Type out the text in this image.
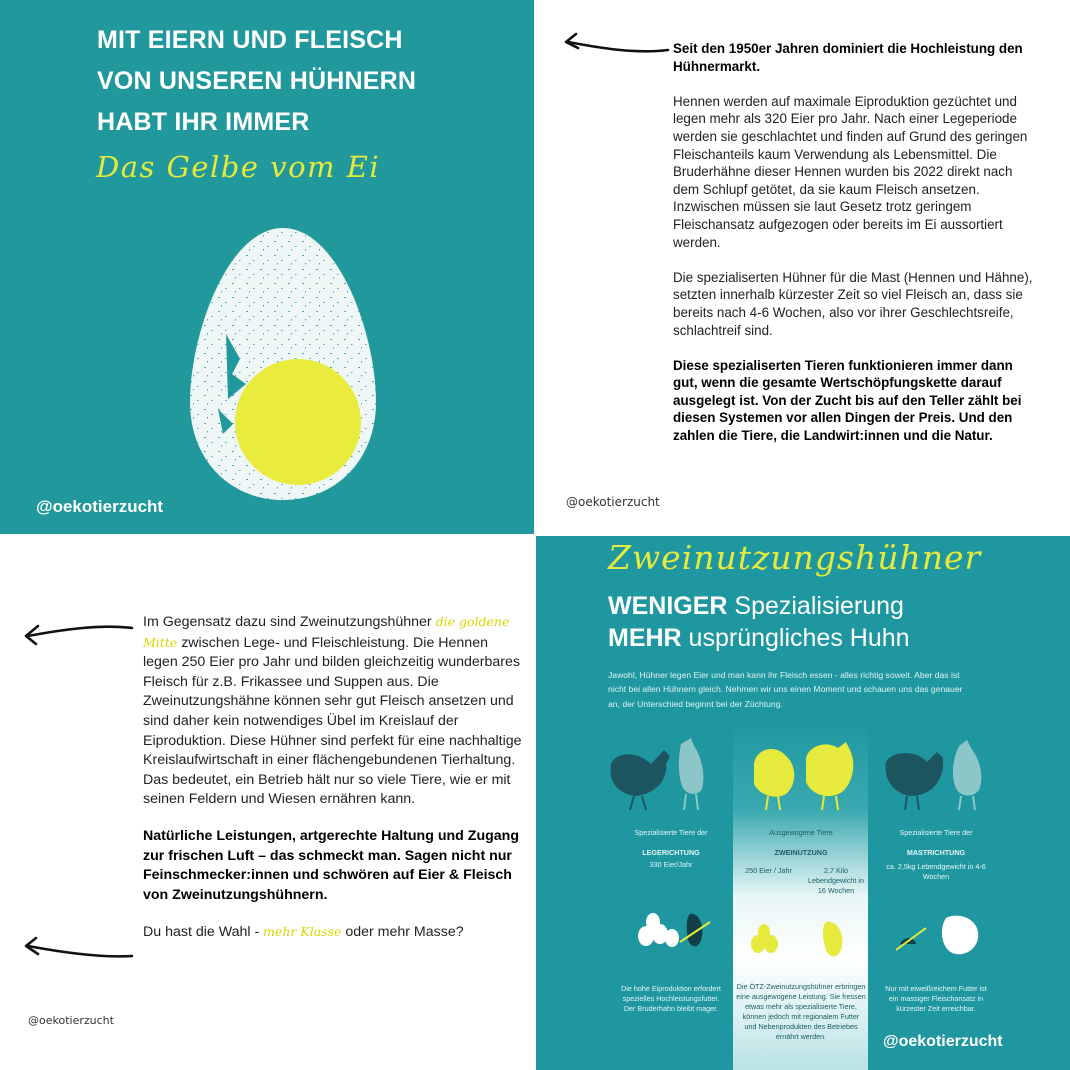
MIT EIERN UND FLEISCH
VON UNSEREN HÜHNERN
HABT IHR IMMER
Das Gelbe vom Ei
@oekotierzucht

Seit den 1950er Jahren dominiert die Hochleistung den Hühnermarkt.

Hennen werden auf maximale Eiproduktion gezüchtet und legen mehr als 320 Eier pro Jahr. Nach einer Legeperiode werden sie geschlachtet und finden auf Grund des geringen Fleischanteils kaum Verwendung als Lebensmittel. Die Bruderhähne dieser Hennen wurden bis 2022 direkt nach dem Schlupf getötet, da sie kaum Fleisch ansetzen. Inzwischen müssen sie laut Gesetz trotz geringem Fleischansatz aufgezogen oder bereits im Ei aussortiert werden.

Die spezialiserten Hühner für die Mast (Hennen und Hähne), setzten innerhalb kürzester Zeit so viel Fleisch an, dass sie bereits nach 4-6 Wochen, also vor ihrer Geschlechtsreife, schlachtreif sind.

Diese spezialiserten Tieren funktionieren immer dann gut, wenn die gesamte Wertschöpfungskette darauf ausgelegt ist. Von der Zucht bis auf den Teller zählt bei diesen Systemen vor allen Dingen der Preis. Und den zahlen die Tiere, die Landwirt:innen und die Natur.

@oekotierzucht

Im Gegensatz dazu sind Zweinutzungshühner die goldene Mitte zwischen Lege- und Fleischleistung. Die Hennen legen 250 Eier pro Jahr und bilden gleichzeitig wunderbares Fleisch für z.B. Frikassee und Suppen aus. Die Zweinutzungshähne können sehr gut Fleisch ansetzen und sind daher kein notwendiges Übel im Kreislauf der Eiproduktion. Diese Hühner sind perfekt für eine nachhaltige Kreislaufwirtschaft in einer flächengebundenen Tierhaltung. Das bedeutet, ein Betrieb hält nur so viele Tiere, wie er mit seinen Feldern und Wiesen ernähren kann.

Natürliche Leistungen, artgerechte Haltung und Zugang zur frischen Luft – das schmeckt man. Sagen nicht nur Feinschmecker:innen und schwören auf Eier & Fleisch von Zweinutzungshühnern.

Du hast die Wahl - mehr Klasse oder mehr Masse?

@oekotierzucht
Zweinutzungshühner
WENIGER Spezialisierung
MEHR usprüngliches Huhn
Jawohl, Hühner legen Eier und man kann ihr Fleisch essen - alles richtig soweit. Aber das ist nicht bei allen Hühnern gleich. Nehmen wir uns einen Moment und schauen uns das genauer an, der Unterschied beginnt bei der Züchtung.
Spezialisierte Tiere der
LEGERICHTUNG
330 Eier/Jahr
Die hohe Eiproduktion erfordert spezielles Hochleistungsfutter. Der Bruderhahn bleibt mager.
Ausgewogene Tiere
ZWEINUTZUNG
250 Eier / Jahr	2,7 Kilo Lebendgewicht in 16 Wochen
Die ÖTZ-Zweinutzungshühner erbringen eine ausgewogene Leistung. Sie fressen etwas mehr als spezialisierte Tiere, können jedoch mit regionalem Futter und Nebenprodukten des Betriebes ernährt werden.
Spezialisierte Tiere der
MASTRICHTUNG
ca. 2,5kg Lebendgewicht in 4-6 Wochen
Nur mit eiweißreichem Futter ist ein massiger Fleischansatz in kürzester Zeit erreichbar.
@oekotierzucht
